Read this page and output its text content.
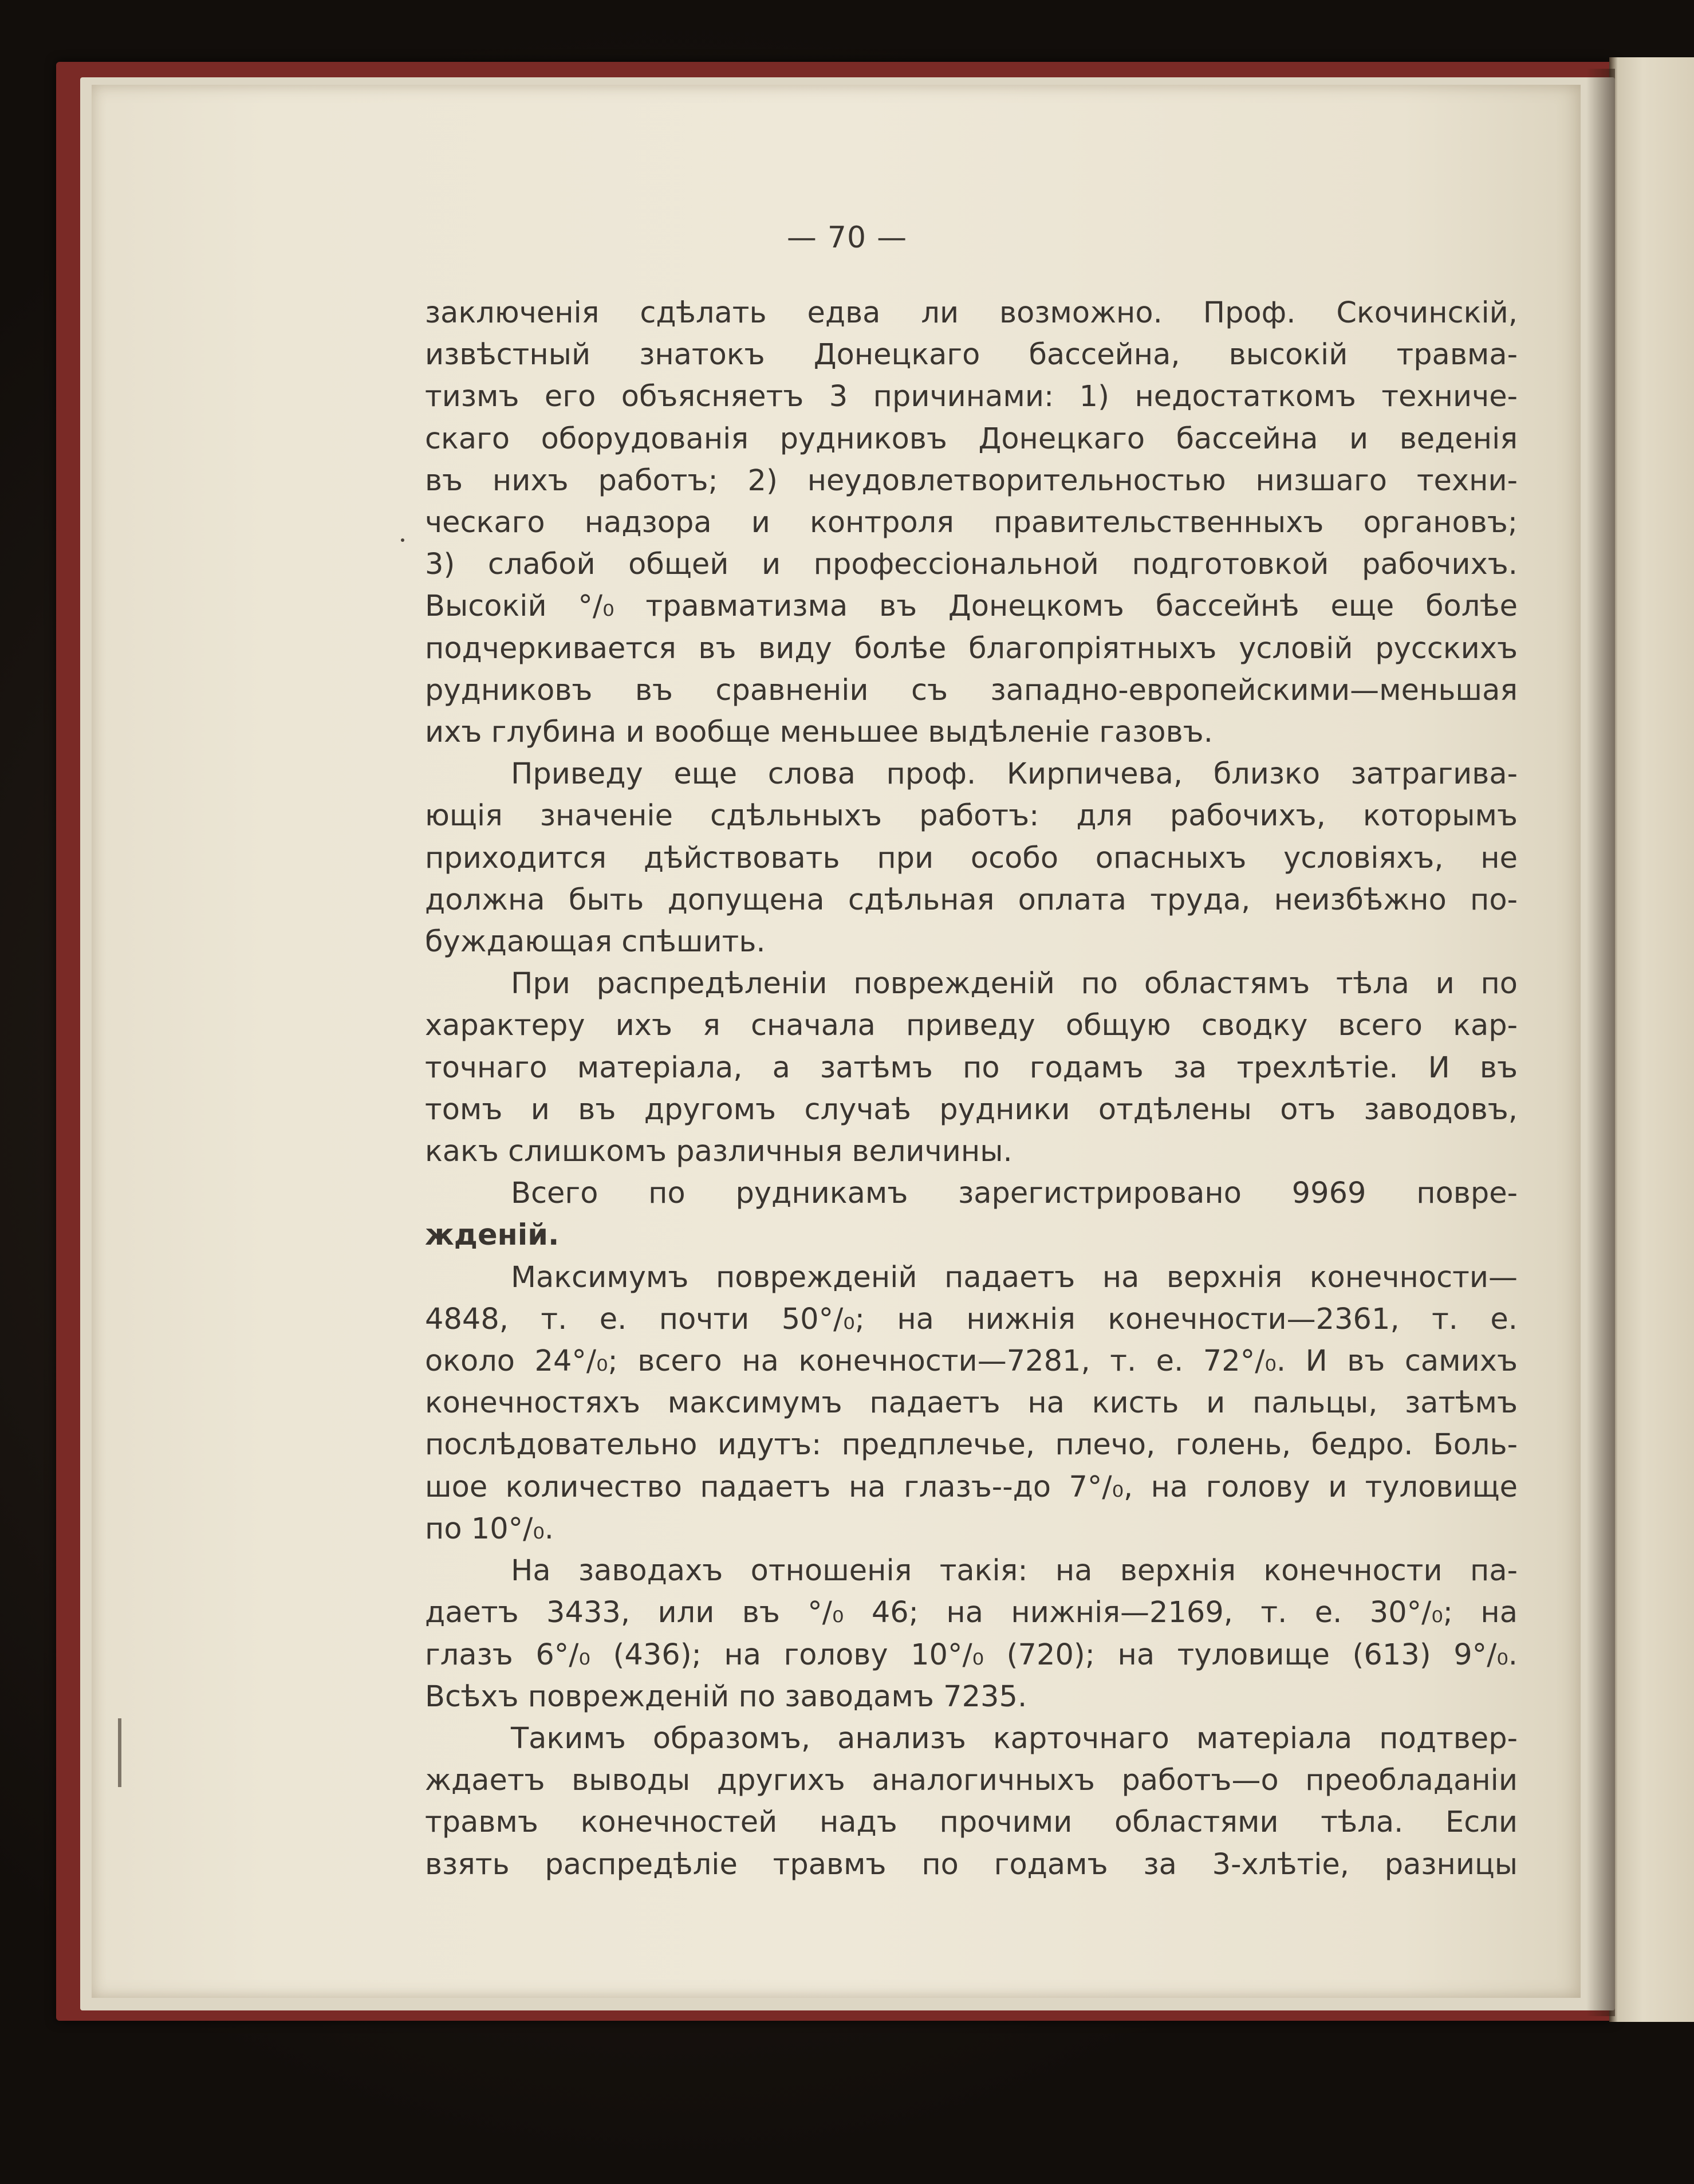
— 70 —
заключенія сдѣлать едва ли возможно. Проф. Скочинскій,
извѣстный знатокъ Донецкаго бассейна, высокій травма-
тизмъ его объясняетъ 3 причинами: 1) недостаткомъ техниче-
скаго оборудованія рудниковъ Донецкаго бассейна и веденія
въ нихъ работъ; 2) неудовлетворительностью низшаго техни-
ческаго надзора и контроля правительственныхъ органовъ;
3) слабой общей и профессіональной подготовкой рабочихъ.
Высокій °/₀ травматизма въ Донецкомъ бассейнѣ еще болѣе
подчеркивается въ виду болѣе благопріятныхъ условій русскихъ
рудниковъ въ сравненіи съ западно-европейскими—меньшая
ихъ глубина и вообще меньшее выдѣленіе газовъ.
Приведу еще слова проф. Кирпичева, близко затрагива-
ющія значеніе сдѣльныхъ работъ: для рабочихъ, которымъ
приходится дѣйствовать при особо опасныхъ условіяхъ, не
должна быть допущена сдѣльная оплата труда, неизбѣжно по-
буждающая спѣшить.
При распредѣленіи поврежденій по областямъ тѣла и по
характеру ихъ я сначала приведу общую сводку всего кар-
точнаго матеріала, а затѣмъ по годамъ за трехлѣтіе. И въ
томъ и въ другомъ случаѣ рудники отдѣлены отъ заводовъ,
какъ слишкомъ различныя величины.
Всего по рудникамъ зарегистрировано 9969 повре-
жденій.
Максимумъ поврежденій падаетъ на верхнія конечности—
4848, т. е. почти 50°/₀; на нижнія конечности—2361, т. е.
около 24°/₀; всего на конечности—7281, т. е. 72°/₀. И въ самихъ
конечностяхъ максимумъ падаетъ на кисть и пальцы, затѣмъ
послѣдовательно идутъ: предплечье, плечо, голень, бедро. Боль-
шое количество падаетъ на глазъ--до 7°/₀, на голову и туловище
по 10°/₀.
На заводахъ отношенія такія: на верхнія конечности па-
даетъ 3433, или въ °/₀ 46; на нижнія—2169, т. е. 30°/₀; на
глазъ 6°/₀ (436); на голову 10°/₀ (720); на туловище (613) 9°/₀.
Всѣхъ поврежденій по заводамъ 7235.
Такимъ образомъ, анализъ карточнаго матеріала подтвер-
ждаетъ выводы другихъ аналогичныхъ работъ—о преобладаніи
травмъ конечностей надъ прочими областями тѣла. Если
взять распредѣліе травмъ по годамъ за 3-хлѣтіе, разницы
